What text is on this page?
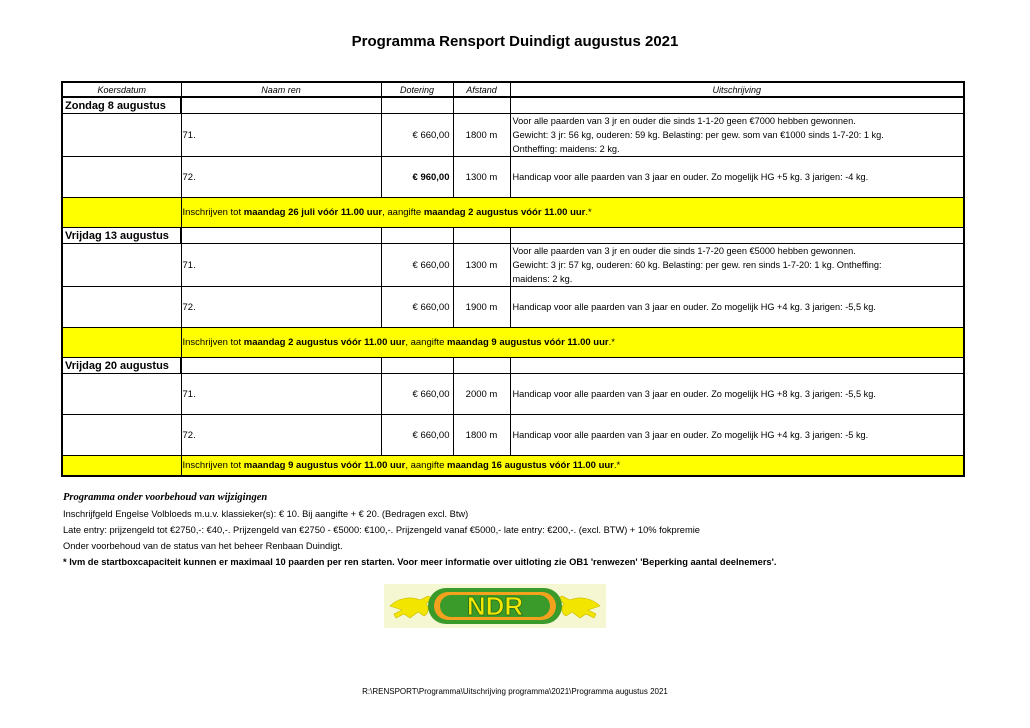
Programma Rensport Duindigt augustus 2021
Koersdatum	Naam ren	Dotering	Afstand	Uitschrijving
Zondag 8 augustus				
	71.	€ 660,00	1800 m	Voor alle paarden van 3 jr en ouder die sinds 1-1-20 geen €7000 hebben gewonnen.
Gewicht: 3 jr: 56 kg, ouderen: 59 kg. Belasting: per gew. som van €1000 sinds 1-7-20: 1 kg.
Ontheffing: maidens: 2 kg.

	72.	€ 960,00	1300 m	Handicap voor alle paarden van 3 jaar en ouder. Zo mogelijk HG +5 kg. 3 jarigen: -4 kg.

	Inschrijven tot maandag 26 juli vóór 11.00 uur, aangifte maandag 2 augustus vóór 11.00 uur.*			
Vrijdag 13 augustus				
	71.	€ 660,00	1300 m	Voor alle paarden van 3 jr en ouder die sinds 1-7-20 geen €5000 hebben gewonnen.
Gewicht: 3 jr: 57 kg, ouderen: 60 kg. Belasting: per gew. ren sinds 1-7-20: 1 kg. Ontheffing:
maidens: 2 kg.

	72.	€ 660,00	1900 m	Handicap voor alle paarden van 3 jaar en ouder. Zo mogelijk HG +4 kg. 3 jarigen: -5,5 kg.

	Inschrijven tot maandag 2 augustus vóór 11.00 uur, aangifte maandag 9 augustus vóór 11.00 uur.*			
Vrijdag 20 augustus				
	71.	€ 660,00	2000 m	Handicap voor alle paarden van 3 jaar en ouder. Zo mogelijk HG +8 kg. 3 jarigen: -5,5 kg.

	72.	€ 660,00	1800 m	Handicap voor alle paarden van 3 jaar en ouder. Zo mogelijk HG +4 kg. 3 jarigen: -5 kg.

	Inschrijven tot maandag 9 augustus vóór 11.00 uur, aangifte maandag 16 augustus vóór 11.00 uur.*			
Programma onder voorbehoud van wijzigingen
Inschrijfgeld Engelse Volbloeds m.u.v. klassieker(s): € 10. Bij aangifte + € 20. (Bedragen excl. Btw)
Late entry: prijzengeld tot €2750,-: €40,-. Prijzengeld van €2750 - €5000: €100,-. Prijzengeld vanaf €5000,- late entry: €200,-. (excl. BTW) + 10% fokpremie
Onder voorbehoud van de status van het beheer Renbaan Duindigt.
* Ivm de startboxcapaciteit kunnen er maximaal 10 paarden per ren starten. Voor meer informatie over uitloting zie OB1 'renwezen' 'Beperking aantal deelnemers'.
NDR
R:\RENSPORT\Programma\Uitschrijving programma\2021\Programma augustus 2021
